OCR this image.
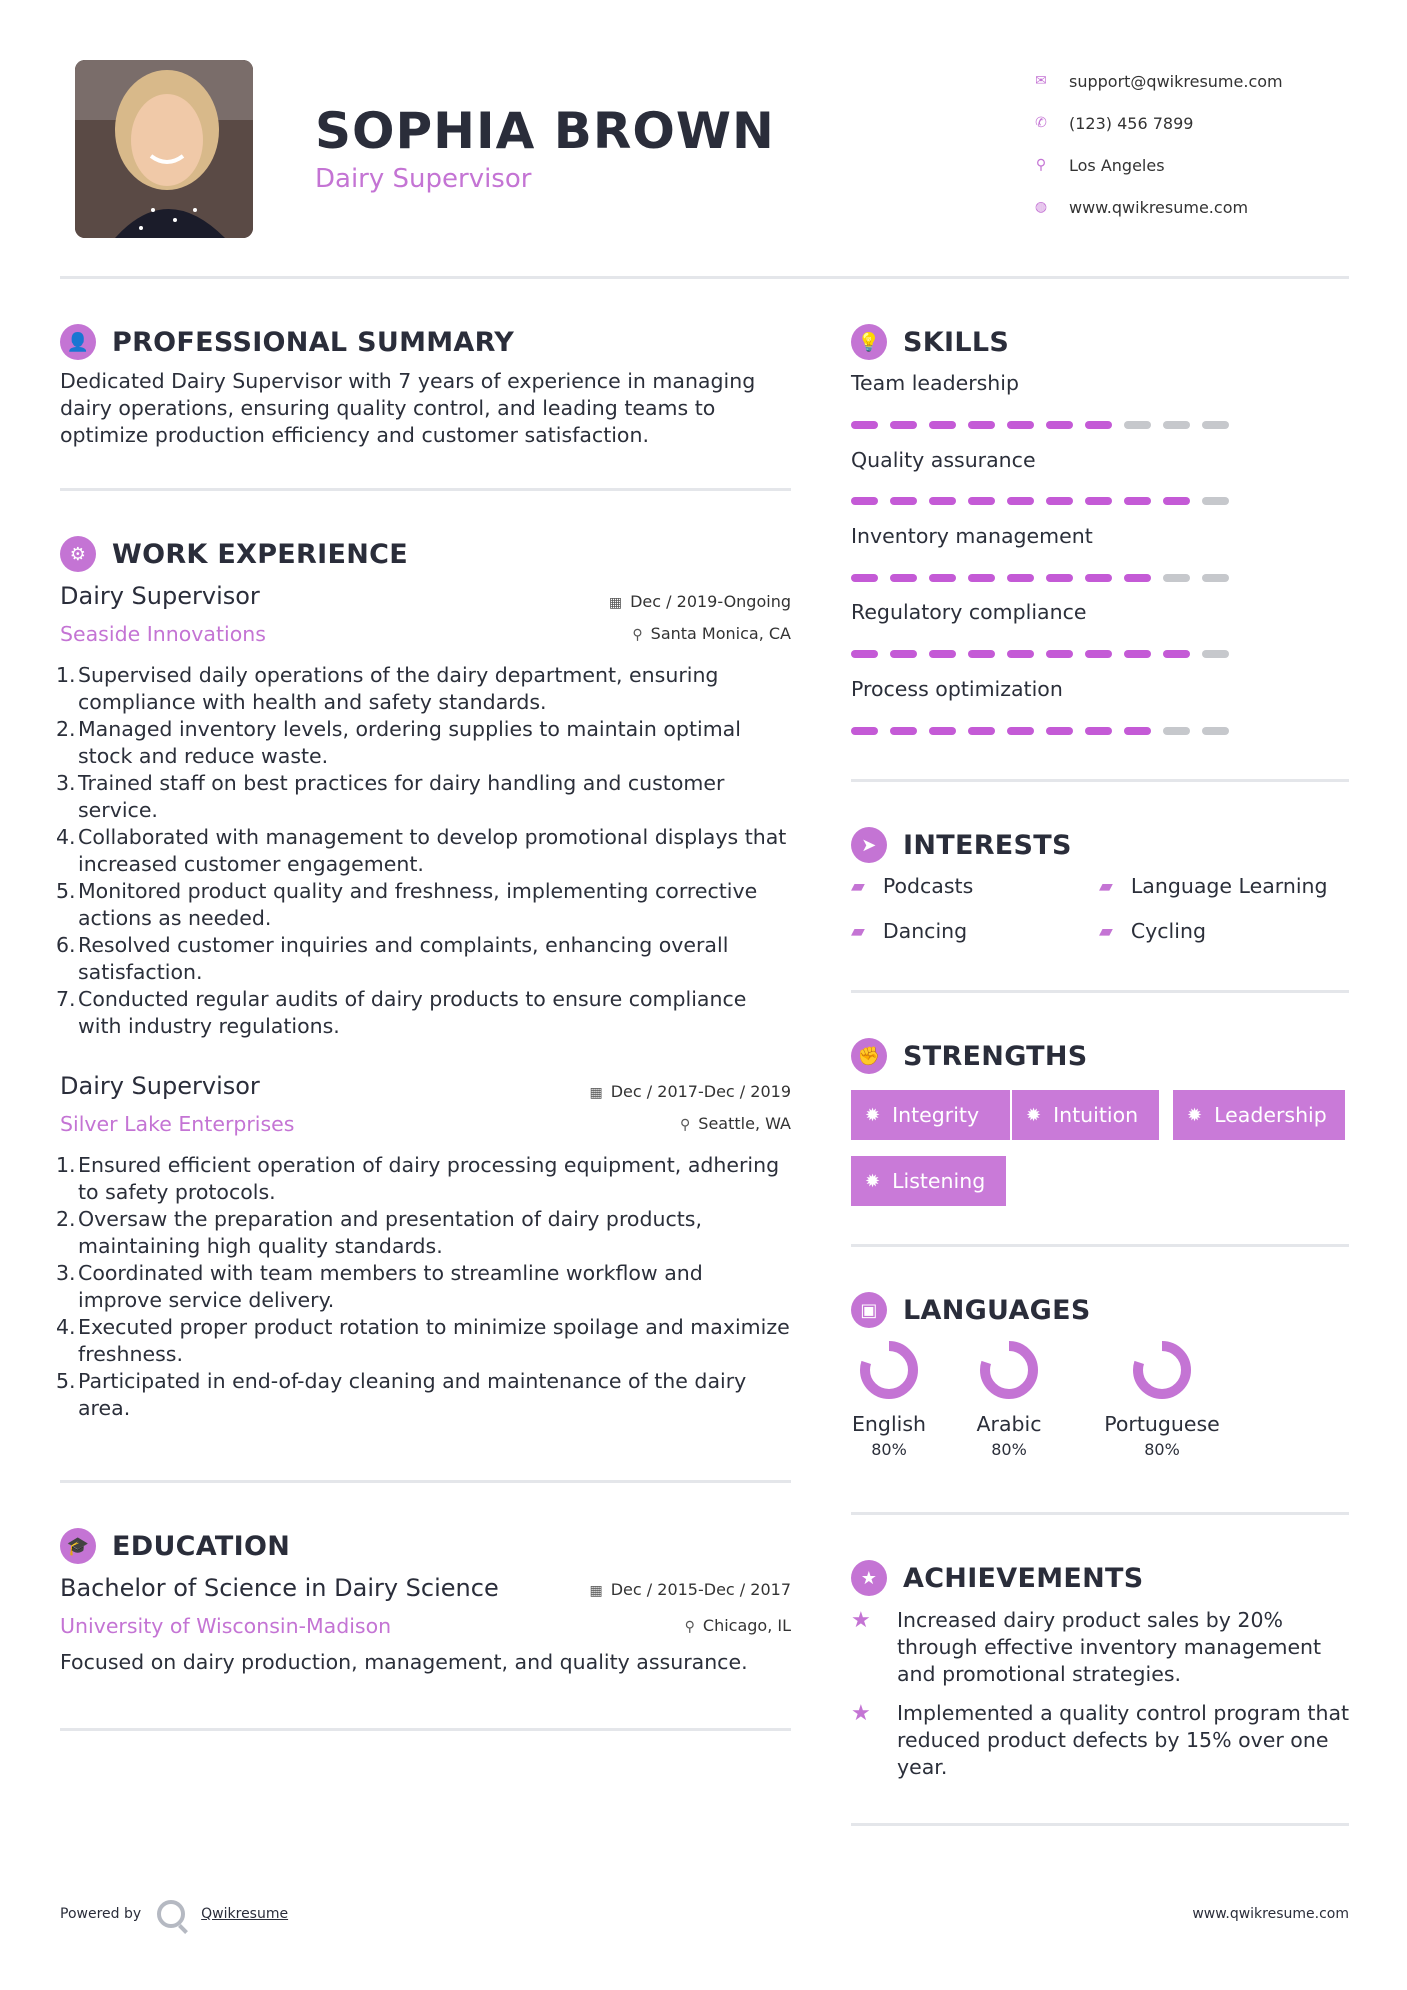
SOPHIA BROWN
Dairy Supervisor
✉	support@qwikresume.com
✆	(123) 456 7899
⚲	Los Angeles
◍	www.qwikresume.com
👤 PROFESSIONAL SUMMARY
Dedicated Dairy Supervisor with 7 years of experience in managing dairy operations, ensuring quality control, and leading teams to optimize production efficiency and customer satisfaction.
⚙ WORK EXPERIENCE
Dairy Supervisor
Seaside Innovations
▦ Dec / 2019-Ongoing
⚲ Santa Monica, CA
1. Supervised daily operations of the dairy department, ensuring compliance with health and safety standards.
2. Managed inventory levels, ordering supplies to maintain optimal stock and reduce waste.
3. Trained staff on best practices for dairy handling and customer service.
4. Collaborated with management to develop promotional displays that increased customer engagement.
5. Monitored product quality and freshness, implementing corrective actions as needed.
6. Resolved customer inquiries and complaints, enhancing overall satisfaction.
7. Conducted regular audits of dairy products to ensure compliance with industry regulations.
Dairy Supervisor
Silver Lake Enterprises
▦ Dec / 2017-Dec / 2019
⚲ Seattle, WA
1. Ensured efficient operation of dairy processing equipment, adhering to safety protocols.
2. Oversaw the preparation and presentation of dairy products, maintaining high quality standards.
3. Coordinated with team members to streamline workflow and improve service delivery.
4. Executed proper product rotation to minimize spoilage and maximize freshness.
5. Participated in end-of-day cleaning and maintenance of the dairy area.
🎓 EDUCATION
Bachelor of Science in Dairy Science
University of Wisconsin-Madison
▦ Dec / 2015-Dec / 2017
⚲ Chicago, IL
Focused on dairy production, management, and quality assurance.
💡 SKILLS
Team leadership
Quality assurance
Inventory management
Regulatory compliance
Process optimization
➤ INTERESTS
▰ Podcasts	▰ Language Learning
▰ Dancing	▰ Cycling
✊ STRENGTHS
✹ Integrity	✹ Intuition	✹ Leadership
✹ Listening
▣ LANGUAGES
English
80%
Arabic
80%
Portuguese
80%
★ ACHIEVEMENTS
★	Increased dairy product sales by 20% through effective inventory management and promotional strategies.
★	Implemented a quality control program that reduced product defects by 15% over one year.
Powered by	Qwikresume	www.qwikresume.com
